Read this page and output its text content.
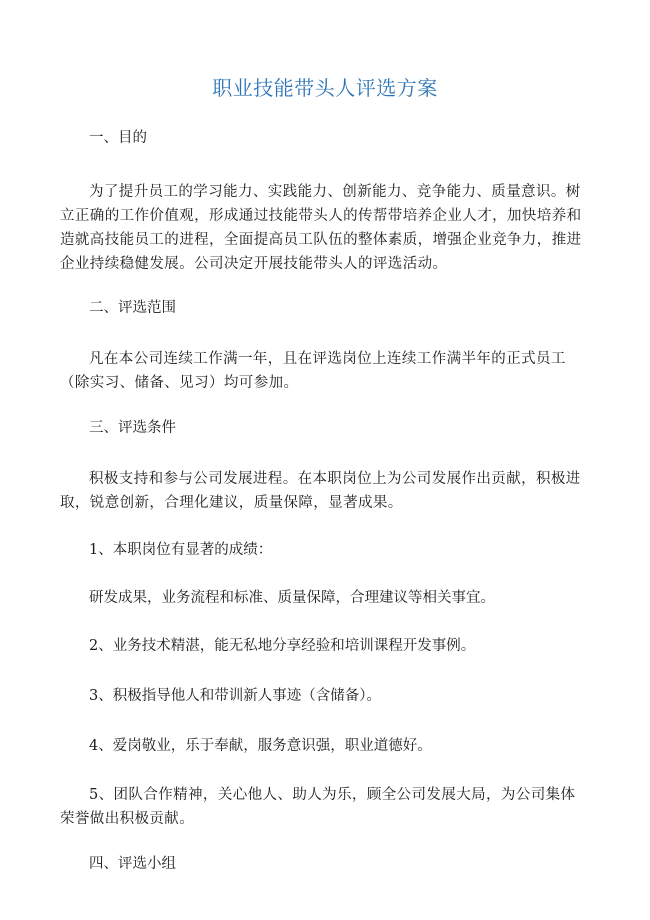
职业技能带头人评选方案

一、目的

为了提升员工的学习能力、实践能力、创新能力、竞争能力、质量意识。树立正确的工作价值观，形成通过技能带头人的传帮带培养企业人才，加快培养和造就高技能员工的进程，全面提高员工队伍的整体素质，增强企业竞争力，推进企业持续稳健发展。公司决定开展技能带头人的评选活动。

二、评选范围

凡在本公司连续工作满一年，且在评选岗位上连续工作满半年的正式员工（除实习、储备、见习）均可参加。

三、评选条件

积极支持和参与公司发展进程。在本职岗位上为公司发展作出贡献，积极进取，锐意创新，合理化建议，质量保障，显著成果。

1、本职岗位有显著的成绩：

研发成果，业务流程和标准、质量保障，合理建议等相关事宜。

2、业务技术精湛，能无私地分享经验和培训课程开发事例。

3、积极指导他人和带训新人事迹（含储备）。

4、爱岗敬业，乐于奉献，服务意识强，职业道德好。

5、团队合作精神，关心他人、助人为乐，顾全公司发展大局，为公司集体荣誉做出积极贡献。

四、评选小组
